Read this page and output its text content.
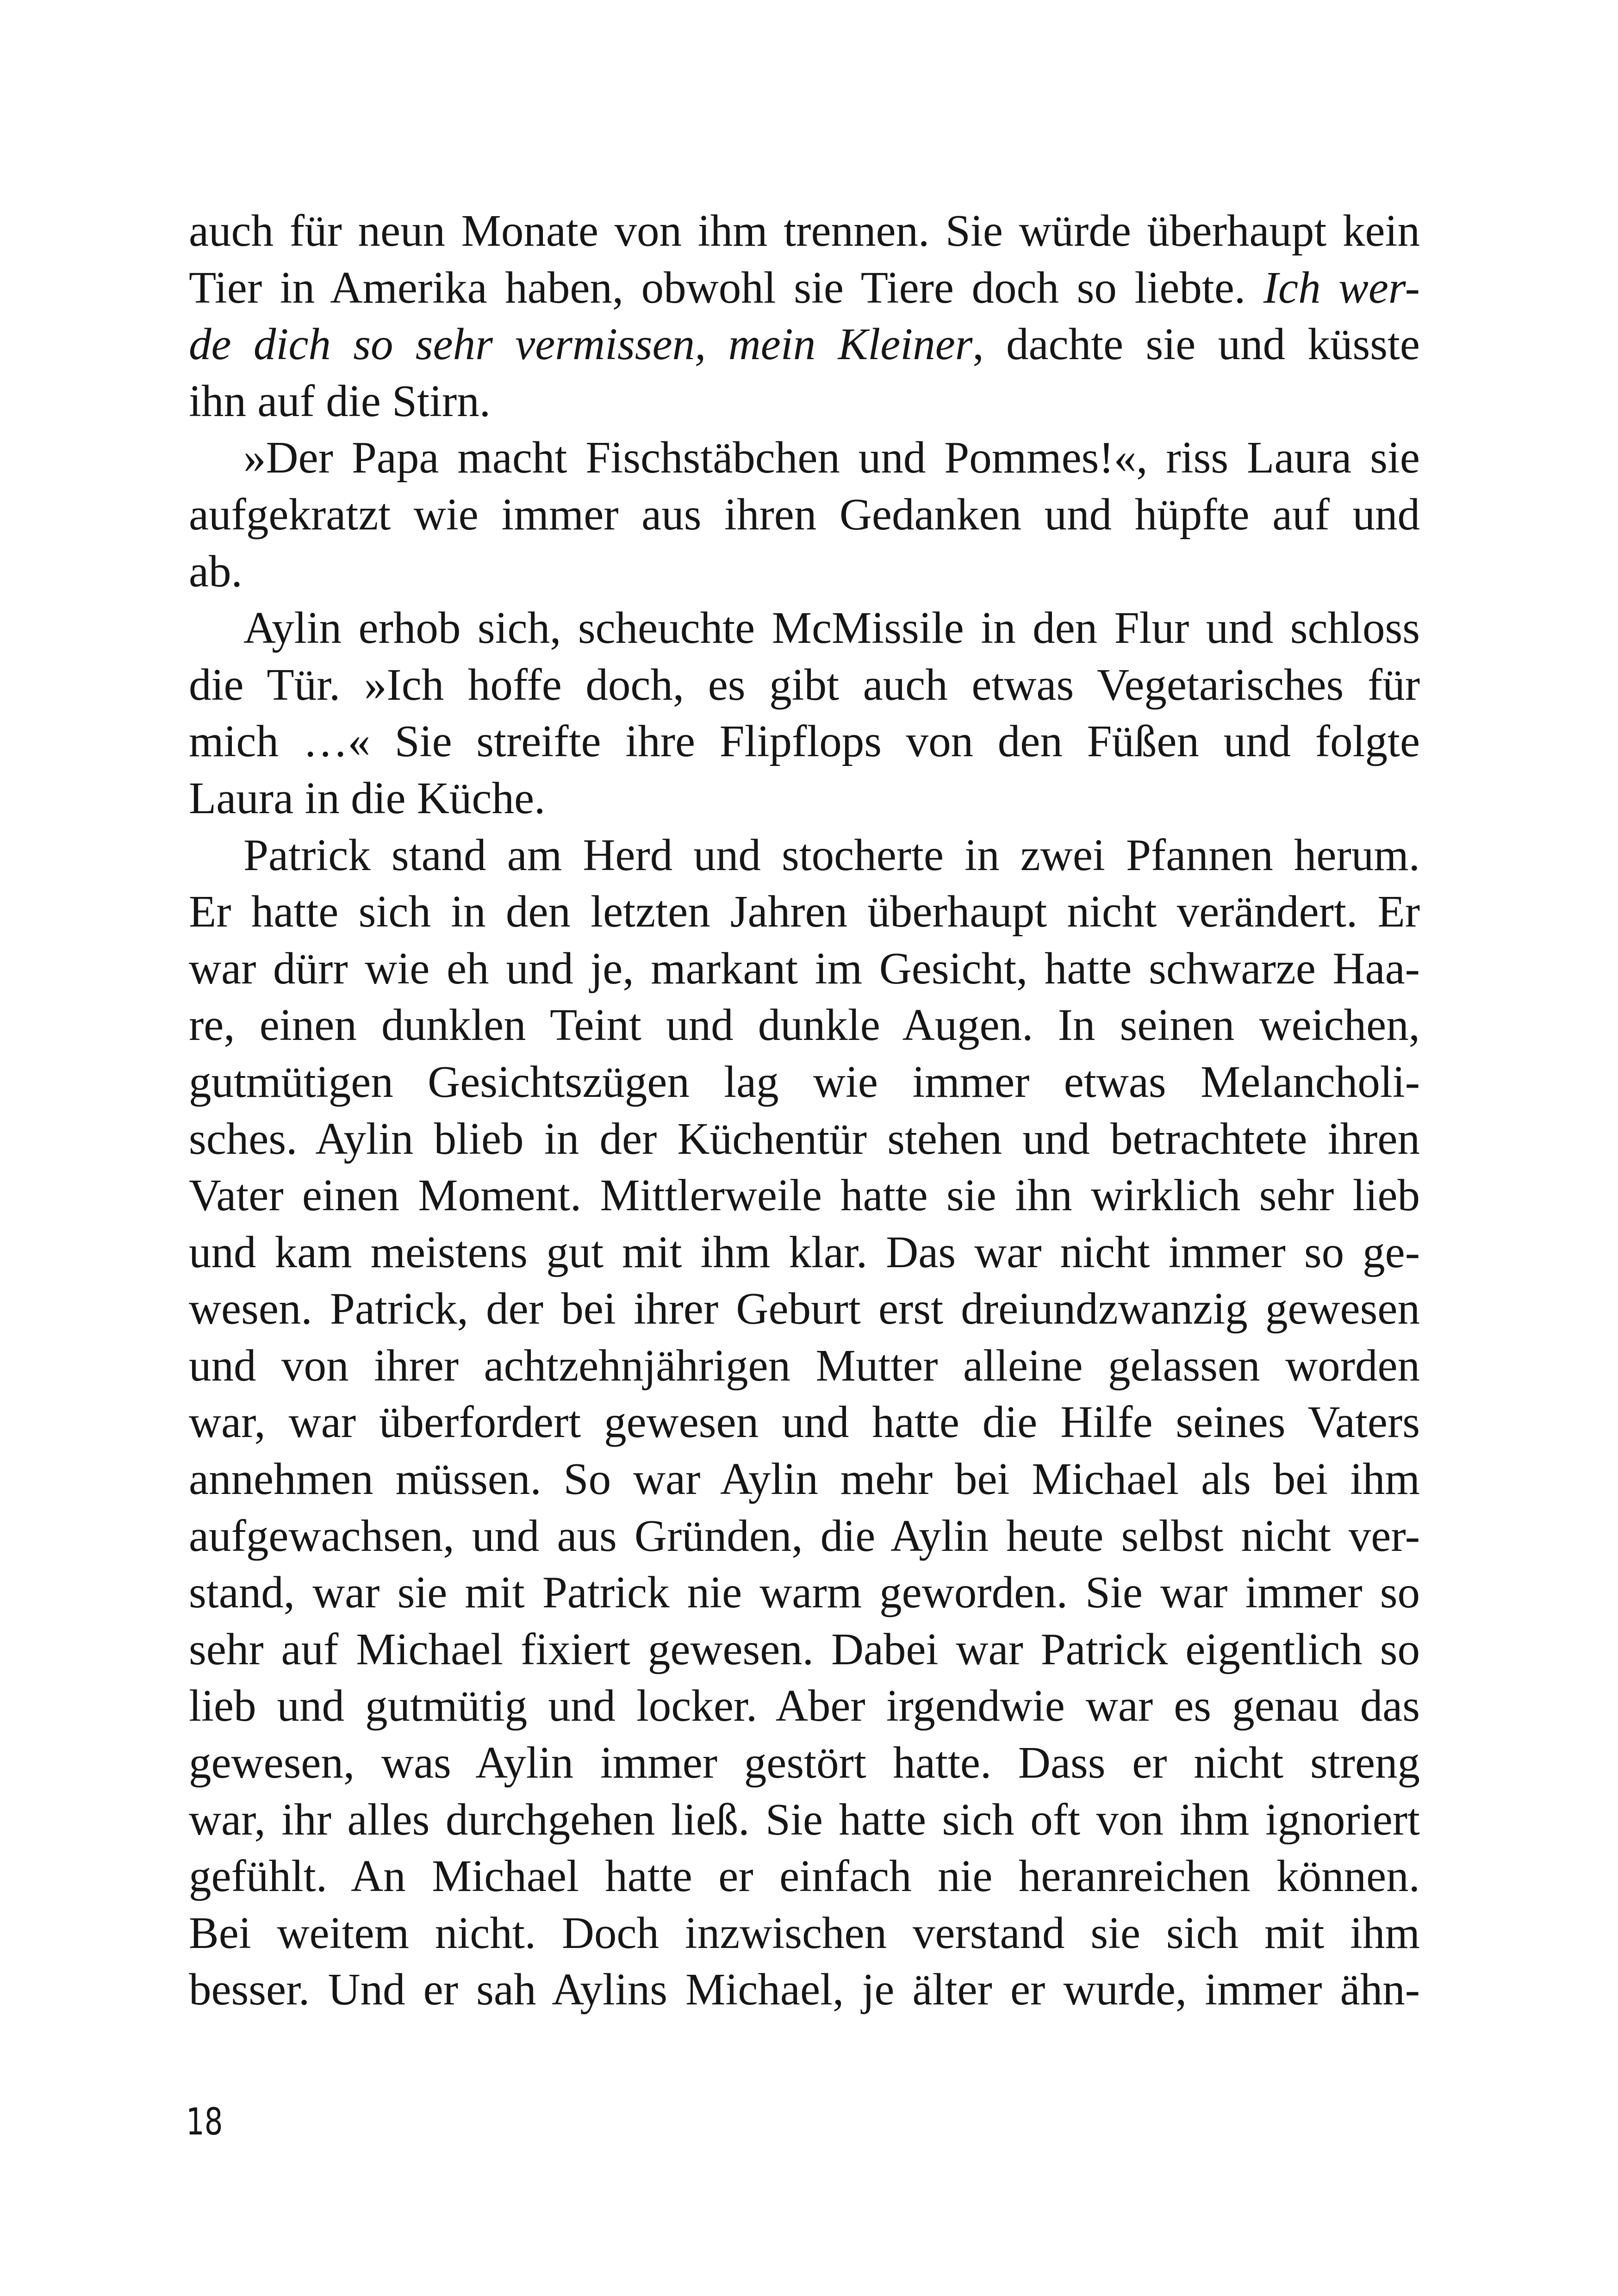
auch für neun Monate von ihm trennen. Sie würde überhaupt kein
Tier in Amerika haben, obwohl sie Tiere doch so liebte. Ich wer-
de dich so sehr vermissen, mein Kleiner, dachte sie und küsste
ihn auf die Stirn.
»Der Papa macht Fischstäbchen und Pommes!«, riss Laura sie
aufgekratzt wie immer aus ihren Gedanken und hüpfte auf und
ab.
Aylin erhob sich, scheuchte McMissile in den Flur und schloss
die Tür. »Ich hoffe doch, es gibt auch etwas Vegetarisches für
mich …« Sie streifte ihre Flipflops von den Füßen und folgte
Laura in die Küche.
Patrick stand am Herd und stocherte in zwei Pfannen herum.
Er hatte sich in den letzten Jahren überhaupt nicht verändert. Er
war dürr wie eh und je, markant im Gesicht, hatte schwarze Haa-
re, einen dunklen Teint und dunkle Augen. In seinen weichen,
gutmütigen Gesichtszügen lag wie immer etwas Melancholi-
sches. Aylin blieb in der Küchentür stehen und betrachtete ihren
Vater einen Moment. Mittlerweile hatte sie ihn wirklich sehr lieb
und kam meistens gut mit ihm klar. Das war nicht immer so ge-
wesen. Patrick, der bei ihrer Geburt erst dreiundzwanzig gewesen
und von ihrer achtzehnjährigen Mutter alleine gelassen worden
war, war überfordert gewesen und hatte die Hilfe seines Vaters
annehmen müssen. So war Aylin mehr bei Michael als bei ihm
aufgewachsen, und aus Gründen, die Aylin heute selbst nicht ver-
stand, war sie mit Patrick nie warm geworden. Sie war immer so
sehr auf Michael fixiert gewesen. Dabei war Patrick eigentlich so
lieb und gutmütig und locker. Aber irgendwie war es genau das
gewesen, was Aylin immer gestört hatte. Dass er nicht streng
war, ihr alles durchgehen ließ. Sie hatte sich oft von ihm ignoriert
gefühlt. An Michael hatte er einfach nie heranreichen können.
Bei weitem nicht. Doch inzwischen verstand sie sich mit ihm
besser. Und er sah Aylins Michael, je älter er wurde, immer ähn-
18
